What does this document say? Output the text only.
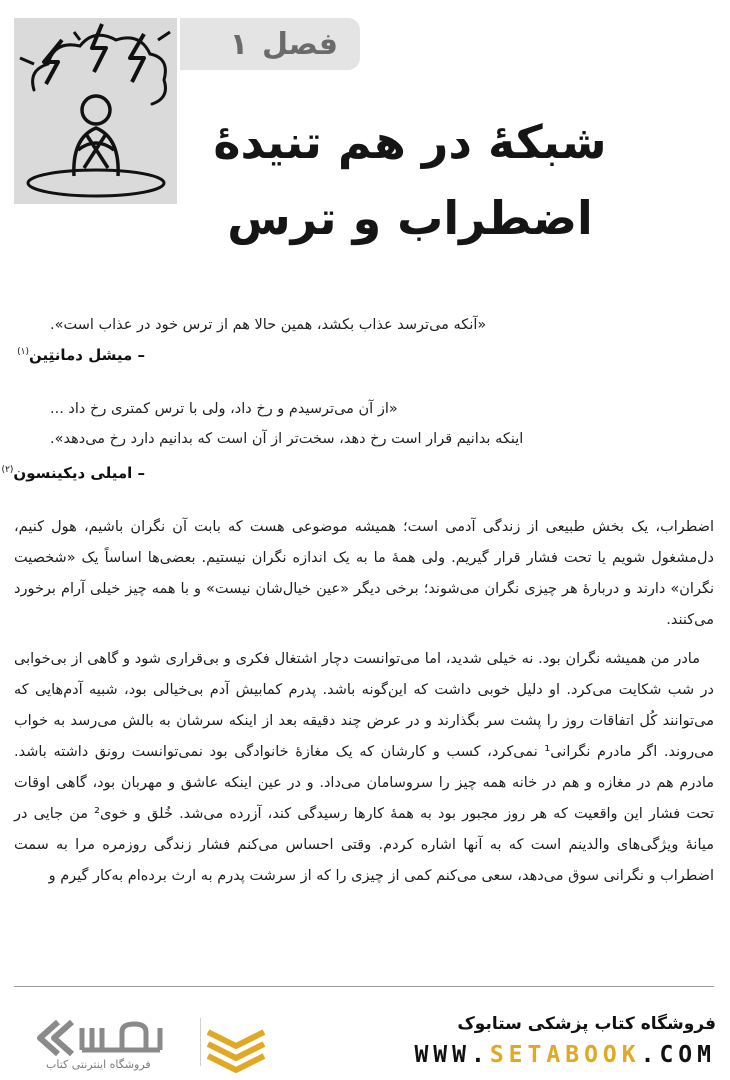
فصل
۱
شبکۀ در هم تنیدۀ
اضطراب و ترس

«آنکه می‌ترسد عذاب بکشد، همین حالا هم از ترس خود در عذاب است».

– میشل دمانتِین$^{(۱)}$

«از آن می‌ترسیدم و رخ داد، ولی با ترس کمتری رخ داد ...

اینکه بدانیم قرار است رخ دهد، سخت‌تر از آن است که بدانیم دارد رخ می‌دهد».

– امیلی دیکینسون$^{(۲)}$

اضطراب، یک بخش طبیعی از زندگی آدمی است؛ همیشه موضوعی هست که بابت آن نگران باشیم، هول کنیم، دل‌مشغول شویم یا تحت فشار قرار گیریم. ولی همهٔ ما به یک اندازه نگران نیستیم. بعضی‌ها اساساً یک «شخصیت نگران» دارند و دربارهٔ هر چیزی نگران می‌شوند؛ برخی دیگر «عین خیال‌شان نیست» و با همه چیز خیلی آرام برخورد می‌کنند.

مادر من همیشه نگران بود. نه خیلی شدید، اما می‌توانست دچار اشتغال فکری و بی‌قراری شود و گاهی از بی‌خوابی در شب شکایت می‌کرد. او دلیل خوبی داشت که این‌گونه باشد. پدرم کمابیش آدم بی‌خیالی بود، شبیه آدم‌هایی که می‌توانند کُل اتفاقات روز را پشت سر بگذارند و در عرض چند دقیقه بعد از اینکه سرشان به بالش می‌رسد به خواب می‌روند. اگر مادرم نگرانی¹ نمی‌کرد، کسب و کارشان که یک مغازهٔ خانوادگی بود نمی‌توانست رونق داشته باشد. مادرم هم در مغازه و هم در خانه همه چیز را سروسامان می‌داد. و در عین اینکه عاشق و مهربان بود، گاهی اوقات تحت فشار این واقعیت که هر روز مجبور بود به همهٔ کارها رسیدگی کند، آزرده می‌شد. خُلق و خوی² من جایی در میانهٔ ویژگی‌های والدینم است که به آنها اشاره کردم. وقتی احساس می‌کنم فشار زندگی روزمره مرا به سمت اضطراب و نگرانی سوق می‌دهد، سعی می‌کنم کمی از چیزی را که از سرشت پدرم به ارث برده‌ام به‌کار گیرم و

فروشگاه اینترنتی کتاب
فروشگاه کتاب پزشکی ستابوک
WWW.SETABOOK.COM
